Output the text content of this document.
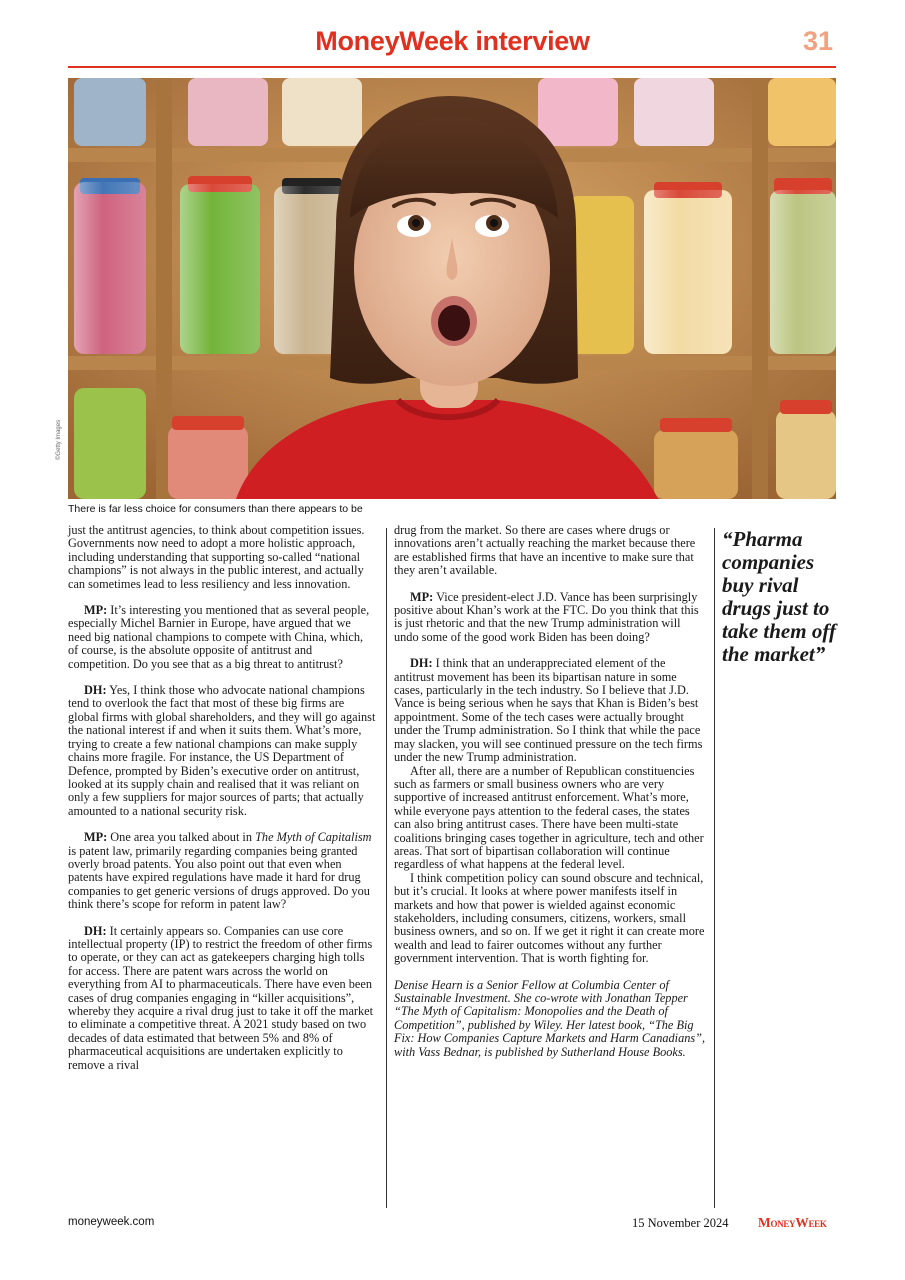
MoneyWeek interview	31
©Getty Images
There is far less choice for consumers than there appears to be

just the antitrust agencies, to think about competition issues. Governments now need to adopt a more holistic approach, including understanding that supporting so-called “national champions” is not always in the public interest, and actually can sometimes lead to less resiliency and less innovation.

MP: It’s interesting you mentioned that as several people, especially Michel Barnier in Europe, have argued that we need big national champions to compete with China, which, of course, is the absolute opposite of antitrust and competition. Do you see that as a big threat to antitrust?

DH: Yes, I think those who advocate national champions tend to overlook the fact that most of these big firms are global firms with global shareholders, and they will go against the national interest if and when it suits them. What’s more, trying to create a few national champions can make supply chains more fragile. For instance, the US Department of Defence, prompted by Biden’s executive order on antitrust, looked at its supply chain and realised that it was reliant on only a few suppliers for major sources of parts; that actually amounted to a national security risk.

MP: One area you talked about in The Myth of Capitalism is patent law, primarily regarding companies being granted overly broad patents. You also point out that even when patents have expired regulations have made it hard for drug companies to get generic versions of drugs approved. Do you think there’s scope for reform in patent law?

DH: It certainly appears so. Companies can use core intellectual property (IP) to restrict the freedom of other firms to operate, or they can act as gatekeepers charging high tolls for access. There are patent wars across the world on everything from AI to pharmaceuticals. There have even been cases of drug companies engaging in “killer acquisitions”, whereby they acquire a rival drug just to take it off the market to eliminate a competitive threat. A 2021 study based on two decades of data estimated that between 5% and 8% of pharmaceutical acquisitions are undertaken explicitly to remove a rival

drug from the market. So there are cases where drugs or innovations aren’t actually reaching the market because there are established firms that have an incentive to make sure that they aren’t available.

MP: Vice president-elect J.D. Vance has been surprisingly positive about Khan’s work at the FTC. Do you think that this is just rhetoric and that the new Trump administration will undo some of the good work Biden has been doing?

DH: I think that an underappreciated element of the antitrust movement has been its bipartisan nature in some cases, particularly in the tech industry. So I believe that J.D. Vance is being serious when he says that Khan is Biden’s best appointment. Some of the tech cases were actually brought under the Trump administration. So I think that while the pace may slacken, you will see continued pressure on the tech firms under the new Trump administration.

After all, there are a number of Republican constituencies such as farmers or small business owners who are very supportive of increased antitrust enforcement. What’s more, while everyone pays attention to the federal cases, the states can also bring antitrust cases. There have been multi-state coalitions bringing cases together in agriculture, tech and other areas. That sort of bipartisan collaboration will continue regardless of what happens at the federal level.

I think competition policy can sound obscure and technical, but it’s crucial. It looks at where power manifests itself in markets and how that power is wielded against economic stakeholders, including consumers, citizens, workers, small business owners, and so on. If we get it right it can create more wealth and lead to fairer outcomes without any further government intervention. That is worth fighting for.

Denise Hearn is a Senior Fellow at Columbia Center of Sustainable Investment. She co-wrote with Jonathan Tepper “The Myth of Capitalism: Monopolies and the Death of Competition”, published by Wiley. Her latest book, “The Big Fix: How Companies Capture Markets and Harm Canadians”, with Vass Bednar, is published by Sutherland House Books.

“Pharma companies buy rival drugs just to take them off the market”
moneyweek.com	15 November 2024 MoneyWeek
